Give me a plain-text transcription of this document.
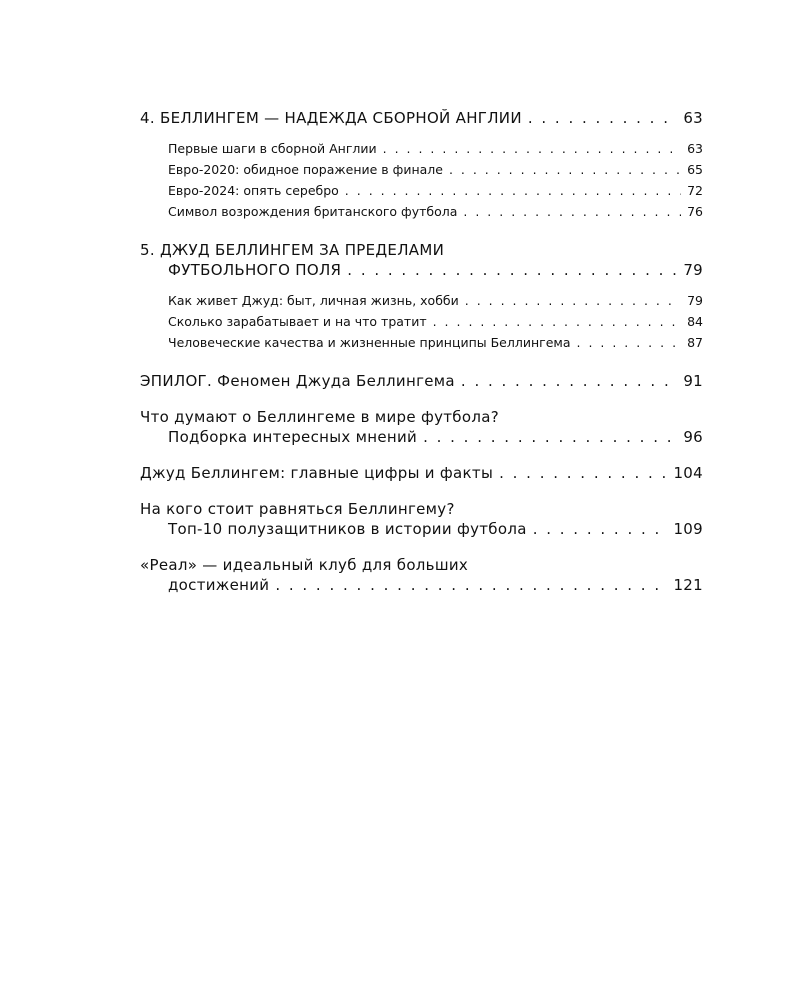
4. БЕЛЛИНГЕМ — НАДЕЖДА СБОРНОЙ АНГЛИИ . . .	63
Первые шаги в сборной Англии . . .	63
Евро-2020: обидное поражение в финале . . .	65
Евро-2024: опять серебро . . .	72
Символ возрождения британского футбола . . .	76
5. ДЖУД БЕЛЛИНГЕМ ЗА ПРЕДЕЛАМИ
ФУТБОЛЬНОГО ПОЛЯ . . .	79
Как живет Джуд: быт, личная жизнь, хобби . . .	79
Сколько зарабатывает и на что тратит . . .	84
Человеческие качества и жизненные принципы Беллингема . . .	87
ЭПИЛОГ. Феномен Джуда Беллингема . . .	91
Что думают о Беллингеме в мире футбола?
Подборка интересных мнений . . .	96
Джуд Беллингем: главные цифры и факты . . .	104
На кого стоит равняться Беллингему?
Топ-10 полузащитников в истории футбола . . .	109
«Реал» — идеальный клуб для больших
достижений . . .	121
